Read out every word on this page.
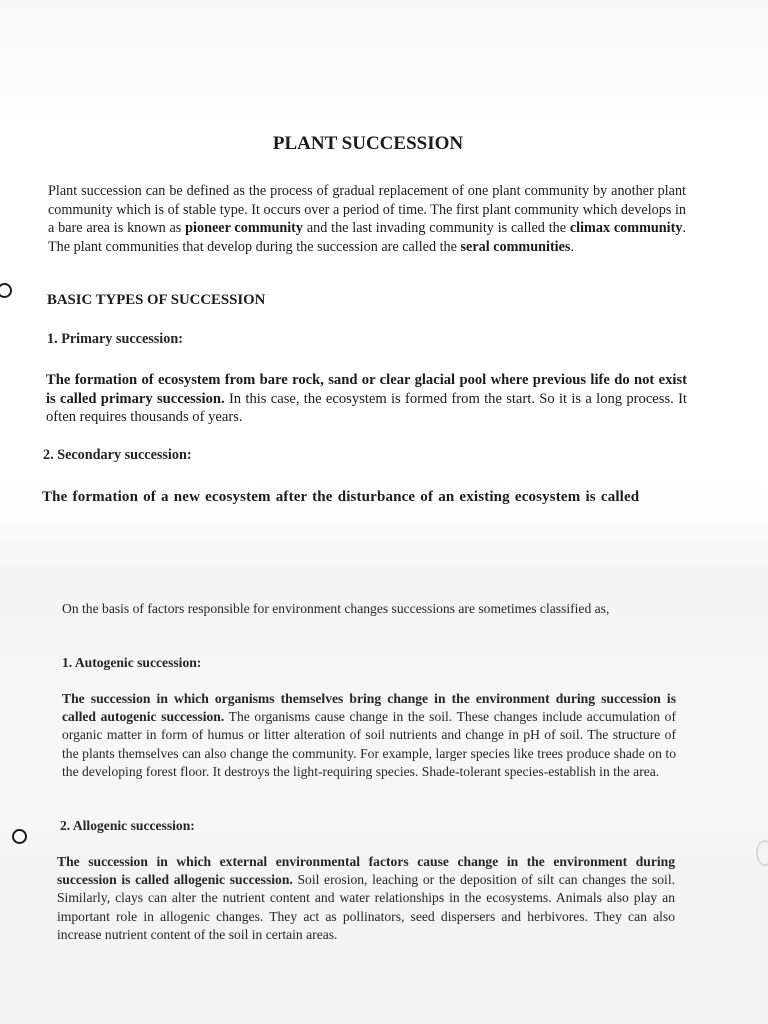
PLANT SUCCESSION
Plant succession can be defined as the process of gradual replacement of one plant community by another plant community which is of stable type. It occurs over a period of time. The first plant community which develops in a bare area is known as pioneer community and the last invading community is called the climax community. The plant communities that develop during the succession are called the seral communities.
BASIC TYPES OF SUCCESSION
1. Primary succession:
The formation of ecosystem from bare rock, sand or clear glacial pool where previous life do not exist is called primary succession. In this case, the ecosystem is formed from the start. So it is a long process. It often requires thousands of years.
2. Secondary succession:
The formation of a new ecosystem after the disturbance of an existing ecosystem is called
On the basis of factors responsible for environment changes successions are sometimes classified as,
1. Autogenic succession:
The succession in which organisms themselves bring change in the environment during succession is called autogenic succession. The organisms cause change in the soil. These changes include accumulation of organic matter in form of humus or litter alteration of soil nutrients and change in pH of soil. The structure of the plants themselves can also change the community. For example, larger species like trees produce shade on to the developing forest floor. It destroys the light-requiring species. Shade-tolerant species-establish in the area.
2. Allogenic succession:
The succession in which external environmental factors cause change in the environment during succession is called allogenic succession. Soil erosion, leaching or the deposition of silt can changes the soil. Similarly, clays can alter the nutrient content and water relationships in the ecosystems. Animals also play an important role in allogenic changes. They act as pollinators, seed dispersers and herbivores. They can also increase nutrient content of the soil in certain areas.
